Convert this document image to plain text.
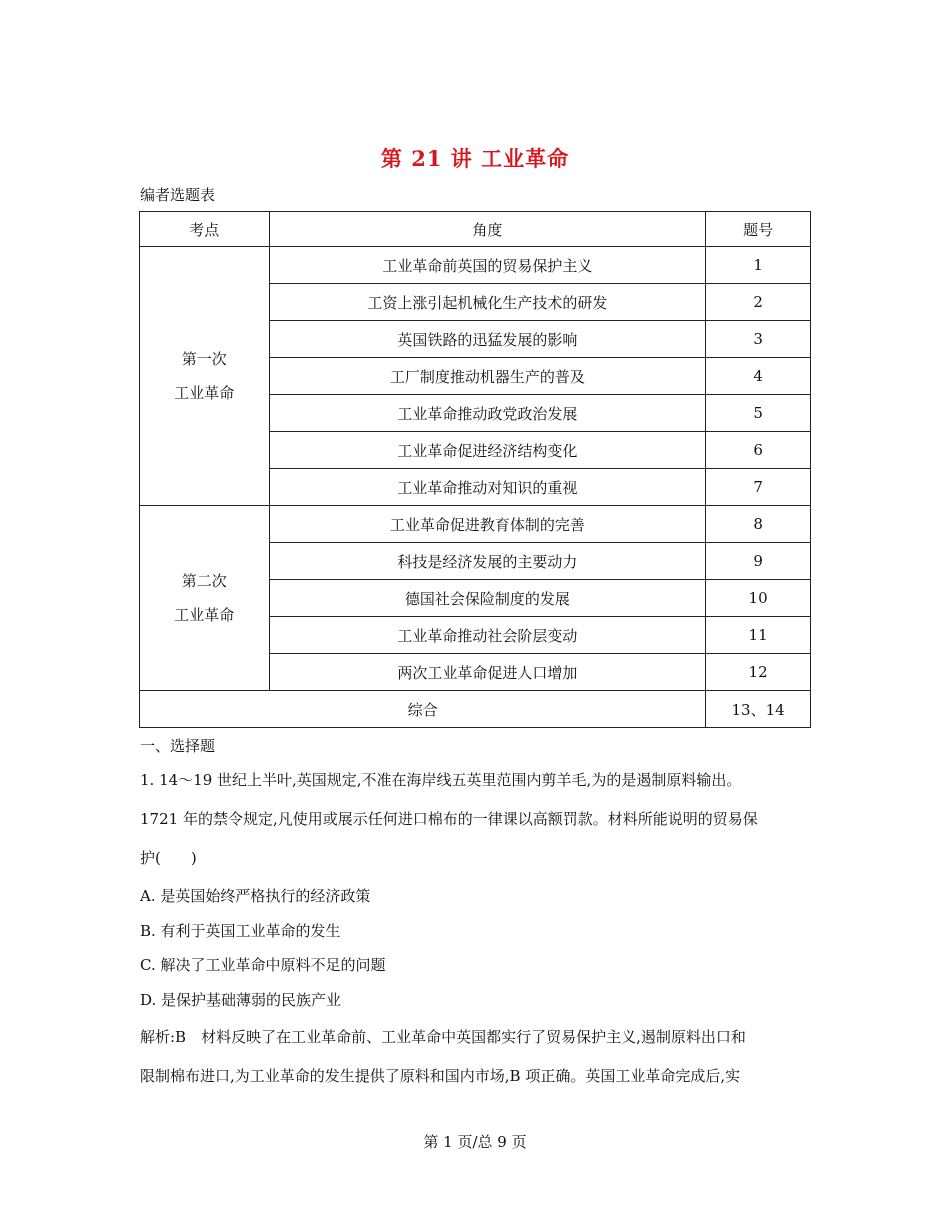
第 21 讲 工业革命
编者选题表
考点	角度	题号

第一次
工业革命	工业革命前英国的贸易保护主义	1
	工资上涨引起机械化生产技术的研发	2
	英国铁路的迅猛发展的影响	3
	工厂制度推动机器生产的普及	4
	工业革命推动政党政治发展	5
	工业革命促进经济结构变化	6
	工业革命推动对知识的重视	7

第二次
工业革命	工业革命促进教育体制的完善	8
	科技是经济发展的主要动力	9
	德国社会保险制度的发展	10
	工业革命推动社会阶层变动	11
	两次工业革命促进人口增加	12
综合		13、14
一、选择题
1. 14～19 世纪上半叶,英国规定,不准在海岸线五英里范围内剪羊毛,为的是遏制原料输出。
1721 年的禁令规定,凡使用或展示任何进口棉布的一律课以高额罚款。材料所能说明的贸易保
护(　　)
A. 是英国始终严格执行的经济政策
B. 有利于英国工业革命的发生
C. 解决了工业革命中原料不足的问题
D. 是保护基础薄弱的民族产业
解析:B　材料反映了在工业革命前、工业革命中英国都实行了贸易保护主义,遏制原料出口和
限制棉布进口,为工业革命的发生提供了原料和国内市场,B 项正确。英国工业革命完成后,实
第 1 页/总 9 页
